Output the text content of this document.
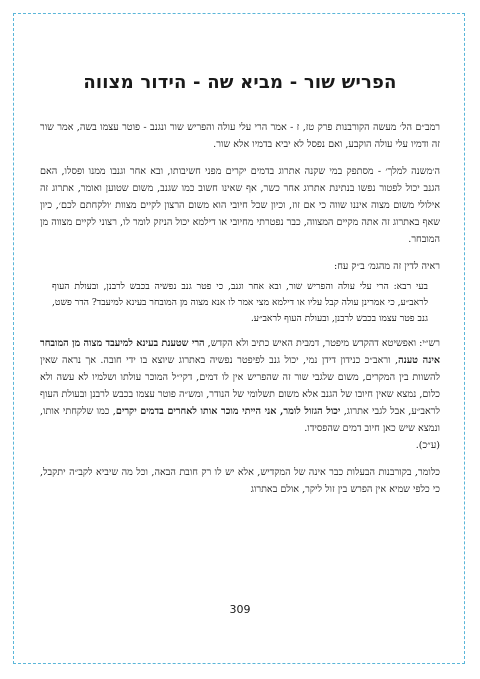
הפריש שור - מביא שה - הידור מצווה

רמב״ם הל׳ מעשה הקורבנות פרק טז, ז - אמר הרי עלי עולה והפריש שור ונגנב - פוטר עצמו בשה, אמר שור זה ודמיו עלי עולה הוקבע, ואם נפסל לא יביא בדמיו אלא שור.

ה׳משנה למלך׳ - מסתפק במי שקנה אתרוג בדמים יקרים מפני חשיבותו, ובא אחר וגנבו ממנו ופסלו, האם הגנב יכול לפטור נפשו בנתינת אתרוג אחר כשר, אף שאינו חשוב כמו שגנב, משום שטוען ואומר, אתרוג זה אילולי משום מצוה איננו שווה כי אם זוז, וכיון שכל חיובי הוא משום הרצון לקיים מצוות ׳ולקחתם לכם׳, כיון שאף באתרוג זה אתה מקיים המצווה, כבר נפטרתי מחיובי או דילמא יכול הניזק לומר לו, רצוני לקיים מצווה מן המובחר.

ראיה לדין זה מהגמ׳ ב״ק עח:

בעי רבא: הרי עלי עולה והפריש שור, ובא אחר וגנב, כי פטר גנב נפשיה בכבש לרבנן, ובעולת העוף לראב״ע, כי אמרינן עולה קבל עליו או דילמא מצי אמר לו אנא מצוה מן המובחר בעינא למיעבד? הדר פשט, גנב פטר עצמו בכבש לרבנן, ובעולת העוף לראב״ע.

רש״י: ואפשיטא דהקדש מיפטר, דמבית האיש כתיב ולא הקדש, הרי שטענת בעינא למיעבד מצוה מן המובחר אינה טענה, וראב״כ כנידון דידן נמי, יכול גנב לפיפטר נפשיה באתרוג שיוצא בו ידי חובה. אך נראה שאין להשוות בין המקרים, משום שלגבי שור זה שהפריש אין לו דמים, דקי״ל המוכר עולתו ושלמיו לא עשה ולא כלום, נמצא שאין חיובו של הגנב אלא משום תשלומי של הנודר, ומש״ה פוטר עצמו בכבש לרבנן ובעולת העוף לראב״ע, אבל לגבי אתרוג, יכול הגזול לומר, אני הייתי מוכר אותו לאחרים בדמים יקרים, כמו שלקחתי אותו, ונמצא שיש כאן חיוב דמים שהפסידו.
(ע״כ).

כלומר, בקורבנות הבעלות כבר אינה של המקדיש, אלא יש לו רק חובת הבאה, וכל מה שיביא לקב״ה יתקבל, כי כלפי שמיא אין הפרש בין זול ליקר, אולם באתרוג

309
